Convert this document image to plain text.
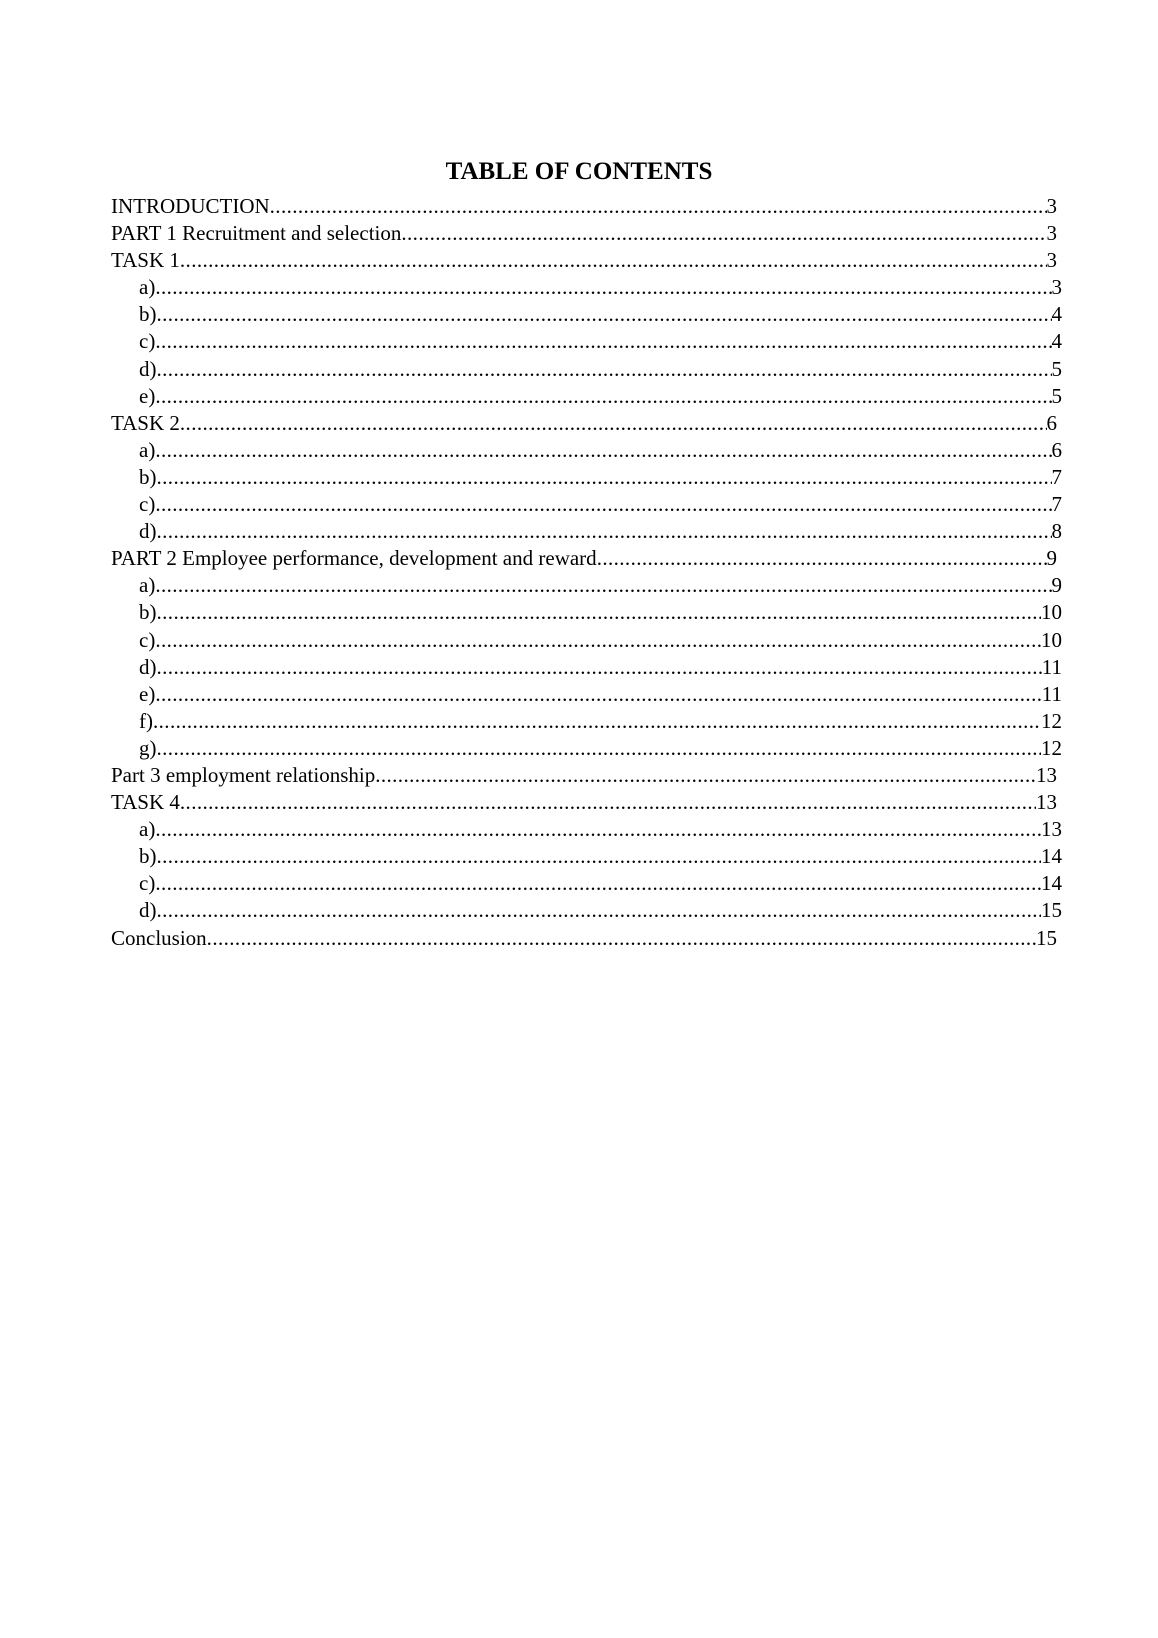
TABLE OF CONTENTS
INTRODUCTION .....	3
PART 1 Recruitment and selection .....	3
TASK 1 .....	3
a) .....	3
b) .....	4
c) .....	4
d) .....	5
e) .....	5
TASK 2 .....	6
a) .....	6
b) .....	7
c) .....	7
d) .....	8
PART 2 Employee performance, development and reward .....	9
a) .....	9
b) .....	10
c) .....	10
d) .....	11
e) .....	11
f) .....	12
g) .....	12
Part 3 employment relationship .....	13
TASK 4 .....	13
a) .....	13
b) .....	14
c) .....	14
d) .....	15
Conclusion .....	15
